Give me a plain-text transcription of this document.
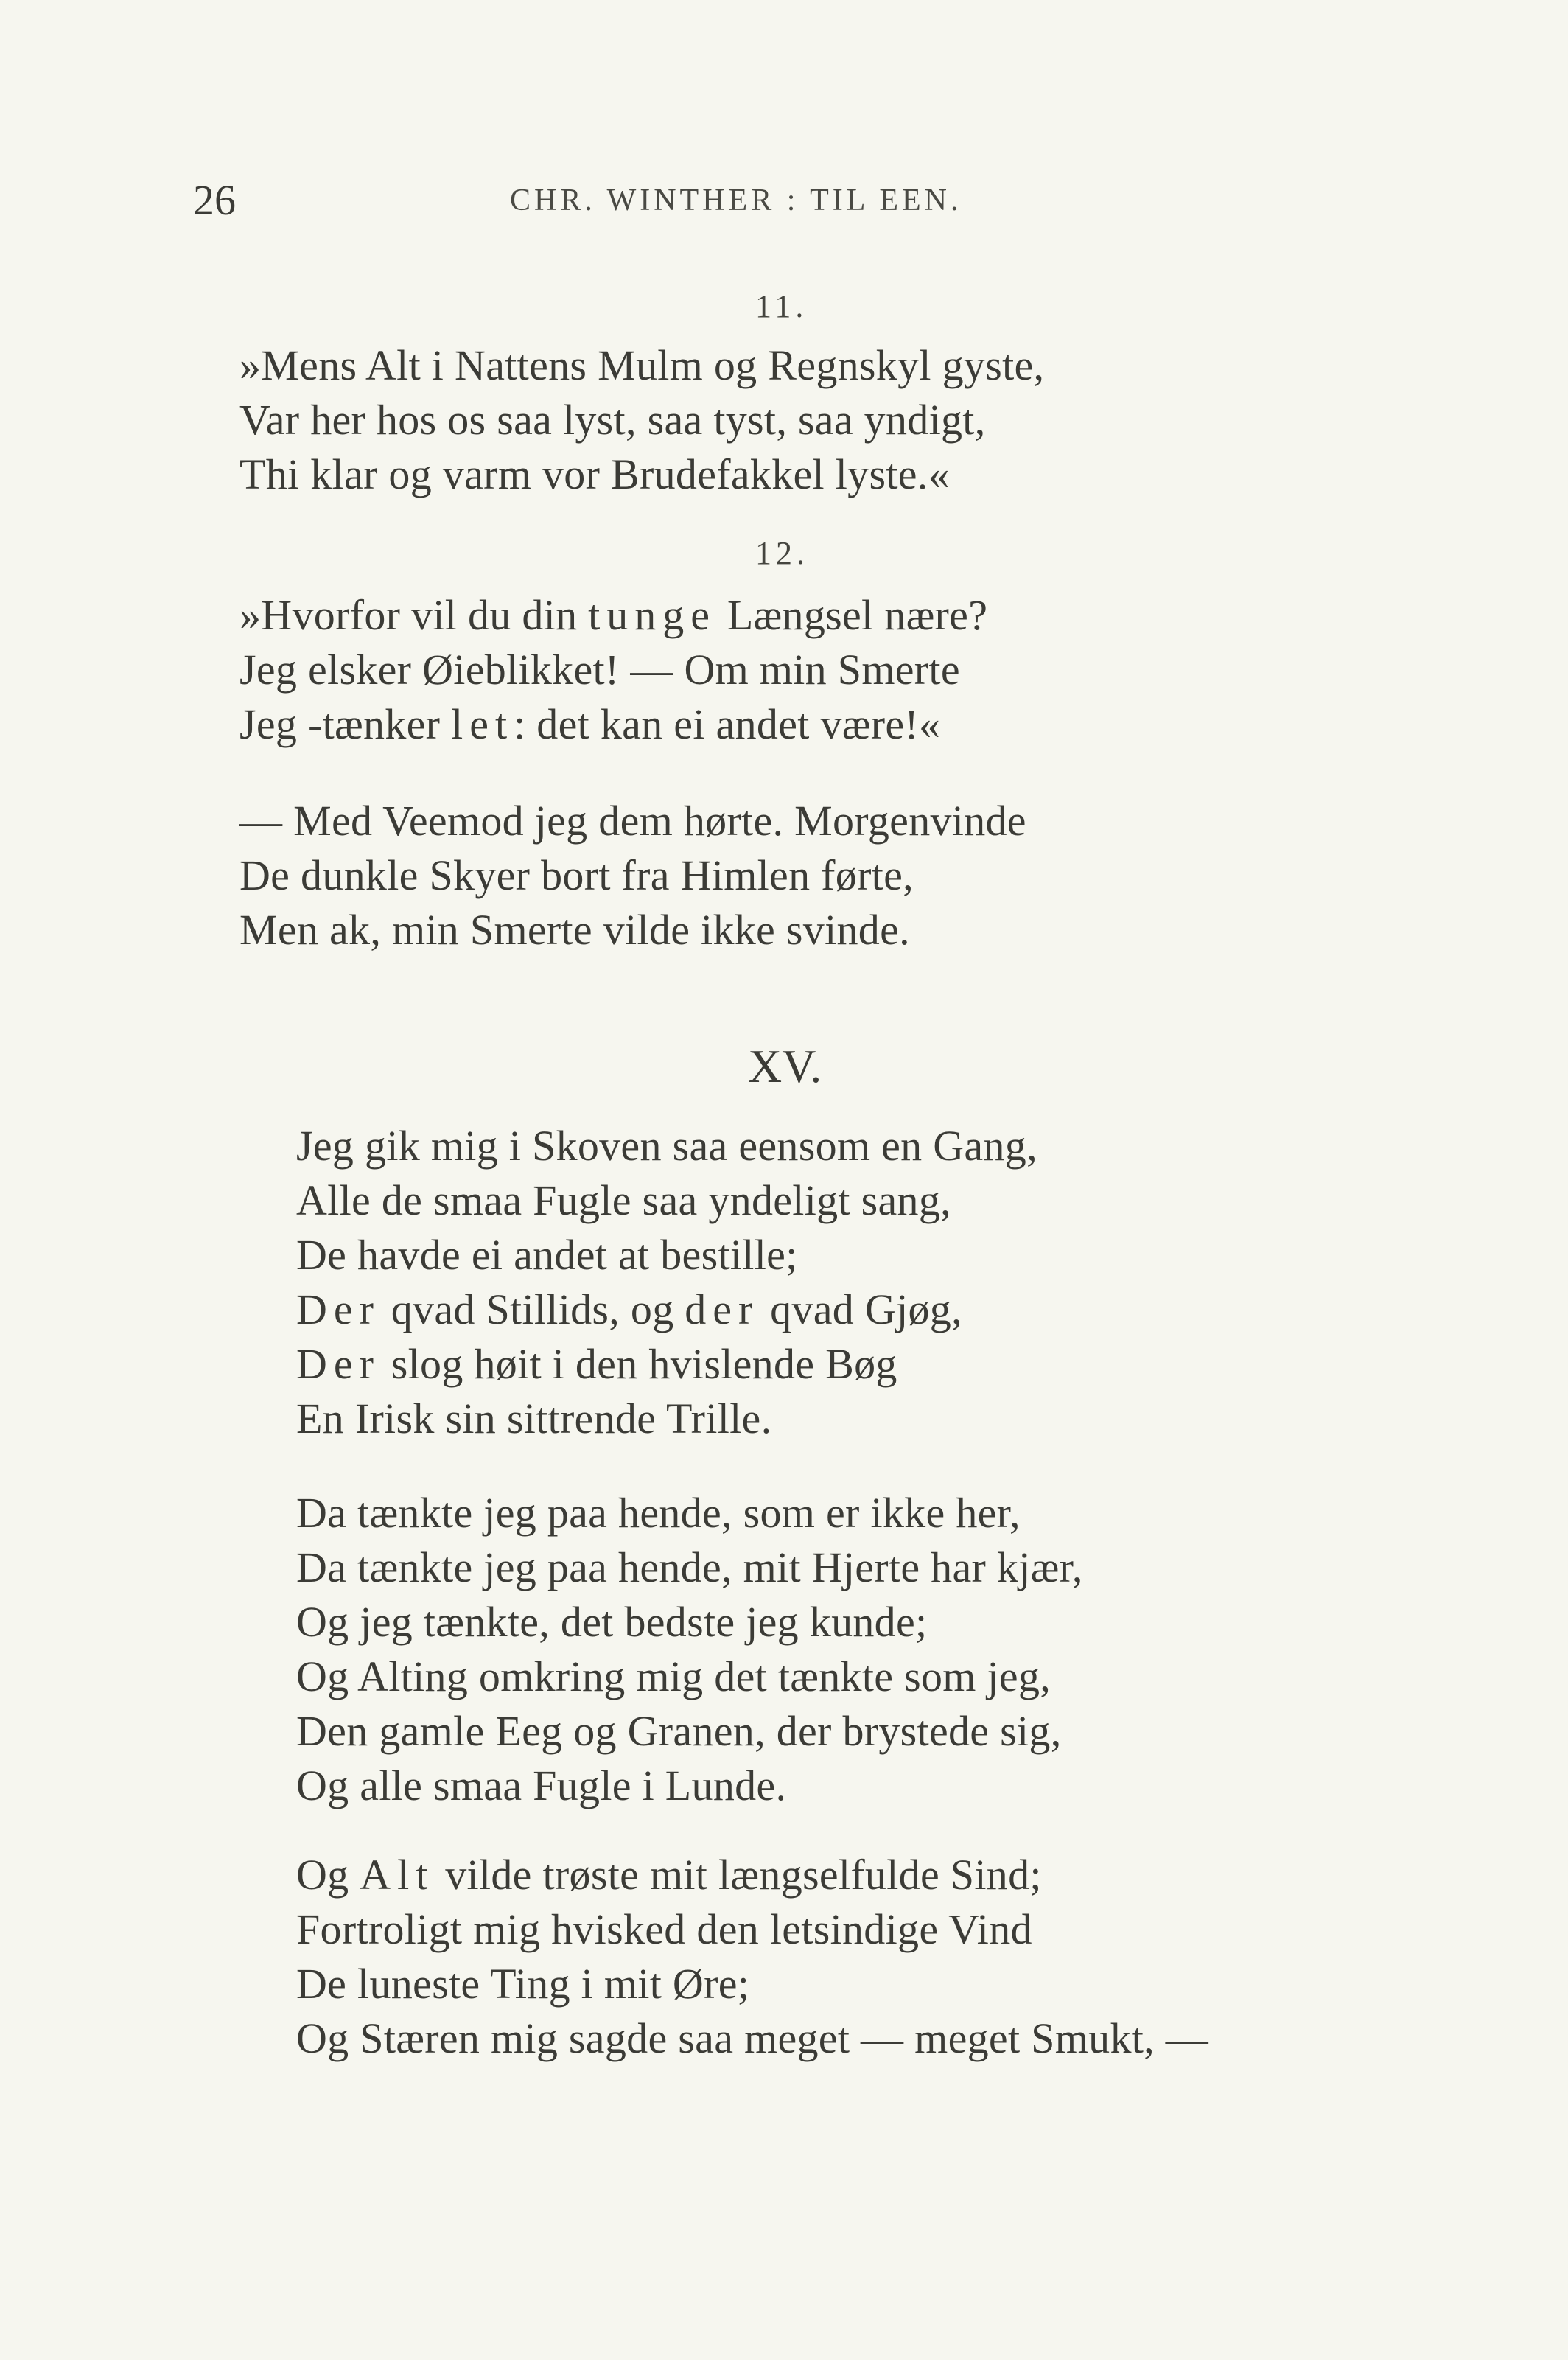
26	CHR. WINTHER : TIL EEN.
11.
»Mens Alt i Nattens Mulm og Regnskyl gyste,
Var her hos os saa lyst, saa tyst, saa yndigt,
Thi klar og varm vor Brudefakkel lyste.«
12.
»Hvorfor vil du din tunge Længsel nære?
Jeg elsker Øieblikket! — Om min Smerte
Jeg -tænker let: det kan ei andet være!«
— Med Veemod jeg dem hørte. Morgenvinde
De dunkle Skyer bort fra Himlen førte,
Men ak, min Smerte vilde ikke svinde.
XV.
Jeg gik mig i Skoven saa eensom en Gang,
Alle de smaa Fugle saa yndeligt sang,
De havde ei andet at bestille;
Der qvad Stillids, og der qvad Gjøg,
Der slog høit i den hvislende Bøg
En Irisk sin sittrende Trille.
Da tænkte jeg paa hende, som er ikke her,
Da tænkte jeg paa hende, mit Hjerte har kjær,
Og jeg tænkte, det bedste jeg kunde;
Og Alting omkring mig det tænkte som jeg,
Den gamle Eeg og Granen, der brystede sig,
Og alle smaa Fugle i Lunde.
Og Alt vilde trøste mit længselfulde Sind;
Fortroligt mig hvisked den letsindige Vind
De luneste Ting i mit Øre;
Og Stæren mig sagde saa meget — meget Smukt, —
